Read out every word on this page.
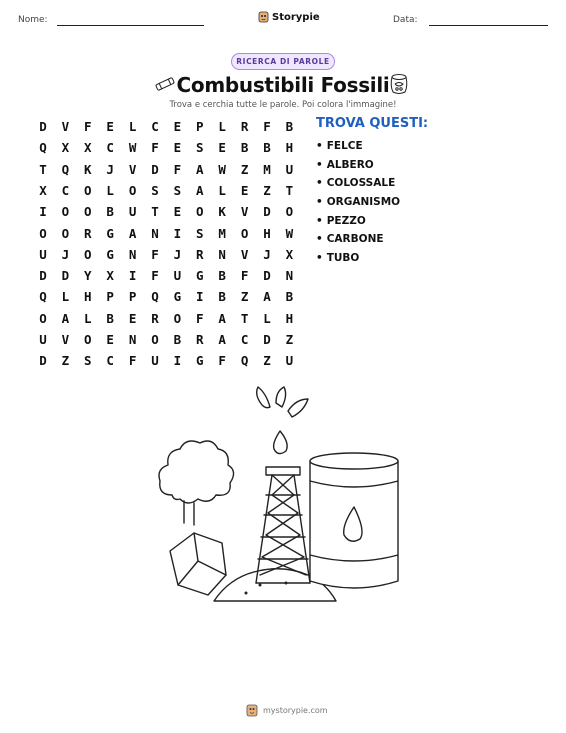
Nome:	Storypie	Data:
RICERCA DI PAROLE
Combustibili Fossili
Trova e cerchia tutte le parole. Poi colora l'immagine!
D	V	F	E	L	C	E	P	L	R	F	B
Q	X	X	C	W	F	E	S	E	B	B	H
T	Q	K	J	V	D	F	A	W	Z	M	U
X	C	O	L	O	S	S	A	L	E	Z	T
I	O	O	B	U	T	E	O	K	V	D	O
O	O	R	G	A	N	I	S	M	O	H	W
U	J	O	G	N	F	J	R	N	V	J	X
D	D	Y	X	I	F	U	G	B	F	D	N
Q	L	H	P	P	Q	G	I	B	Z	A	B
O	A	L	B	E	R	O	F	A	T	L	H
U	V	O	E	N	O	B	R	A	C	D	Z
D	Z	S	C	F	U	I	G	F	Q	Z	U
TROVA QUESTI:
• FELCE
• ALBERO
• COLOSSALE
• ORGANISMO
• PEZZO
• CARBONE
• TUBO
mystorypie.com
